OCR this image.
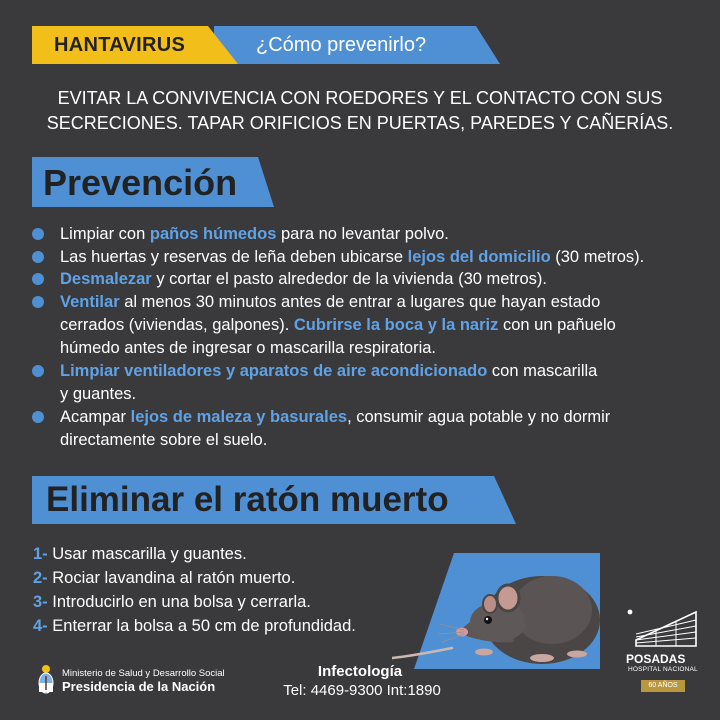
HANTAVIRUS	¿Cómo prevenirlo?
EVITAR LA CONVIVENCIA CON ROEDORES Y EL CONTACTO CON SUS
SECRECIONES. TAPAR ORIFICIOS EN PUERTAS, PAREDES Y CAÑERÍAS.
Prevención
Limpiar con paños húmedos para no levantar polvo.
Las huertas y reservas de leña deben ubicarse lejos del domicilio (30 metros).
Desmalezar y cortar el pasto alrededor de la vivienda (30 metros).
Ventilar al menos 30 minutos antes de entrar a lugares que hayan estado
cerrados (viviendas, galpones). Cubrirse la boca y la nariz con un pañuelo
húmedo antes de ingresar o mascarilla respiratoria.
Limpiar ventiladores y aparatos de aire acondicionado con mascarilla
y guantes.
Acampar lejos de maleza y basurales, consumir agua potable y no dormir
directamente sobre el suelo.
Eliminar el ratón muerto
1- Usar mascarilla y guantes.
2- Rociar lavandina al ratón muerto.
3- Introducirlo en una bolsa y cerrarla.
4- Enterrar la bolsa a 50 cm de profundidad.
Ministerio de Salud y Desarrollo Social
Presidencia de la Nación
Infectología
Tel: 4469-9300 Int:1890
POSADAS
HOSPITAL NACIONAL
60 AÑOS
